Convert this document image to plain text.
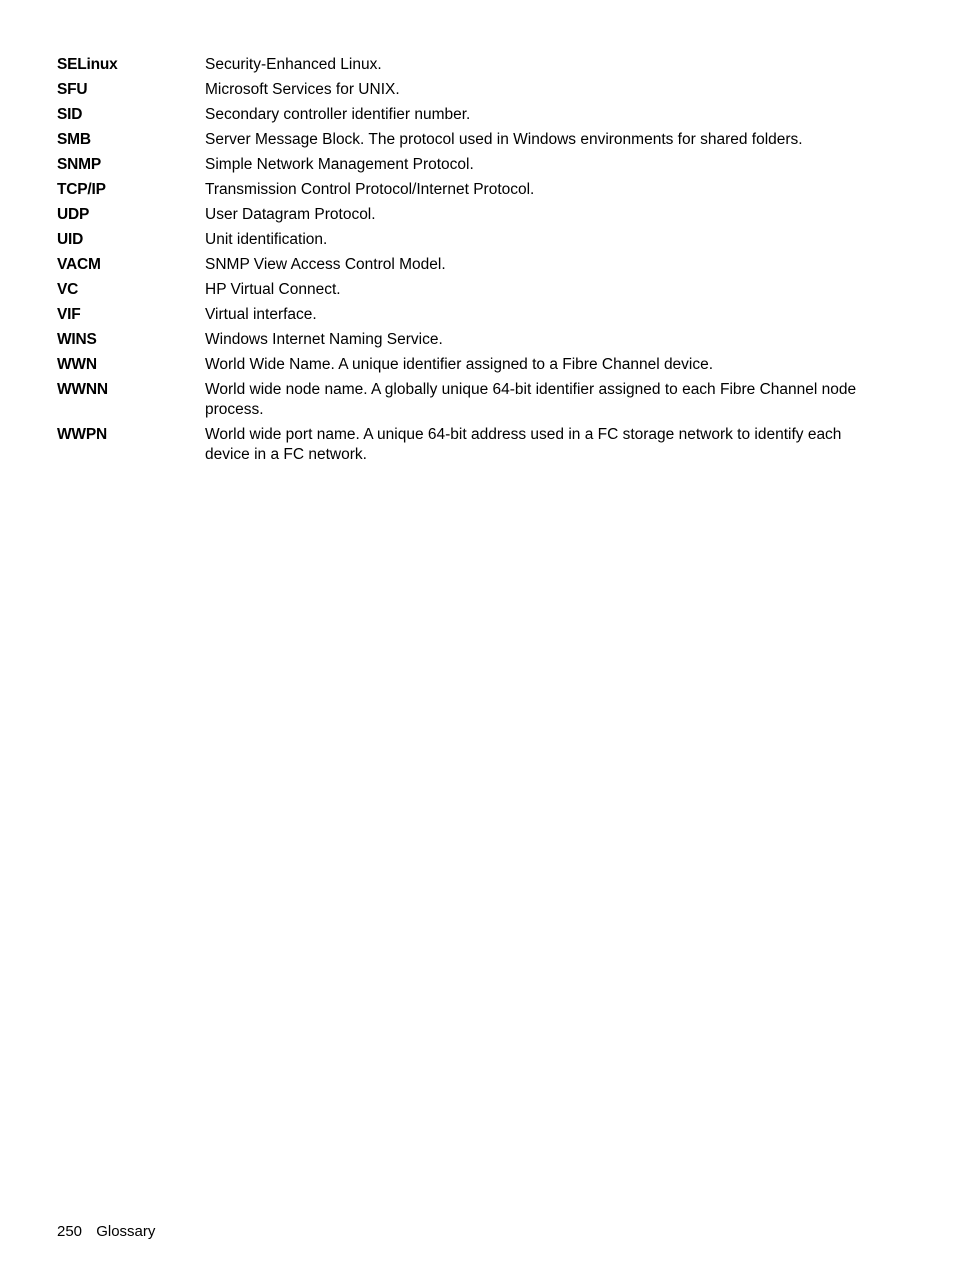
SELinux	Security-Enhanced Linux.
SFU	Microsoft Services for UNIX.
SID	Secondary controller identifier number.
SMB	Server Message Block. The protocol used in Windows environments for shared folders.
SNMP	Simple Network Management Protocol.
TCP/IP	Transmission Control Protocol/Internet Protocol.
UDP	User Datagram Protocol.
UID	Unit identification.
VACM	SNMP View Access Control Model.
VC	HP Virtual Connect.
VIF	Virtual interface.
WINS	Windows Internet Naming Service.
WWN	World Wide Name. A unique identifier assigned to a Fibre Channel device.
WWNN	World wide node name. A globally unique 64-bit identifier assigned to each Fibre Channel node process.
WWPN	World wide port name. A unique 64-bit address used in a FC storage network to identify each device in a FC network.
250 Glossary
